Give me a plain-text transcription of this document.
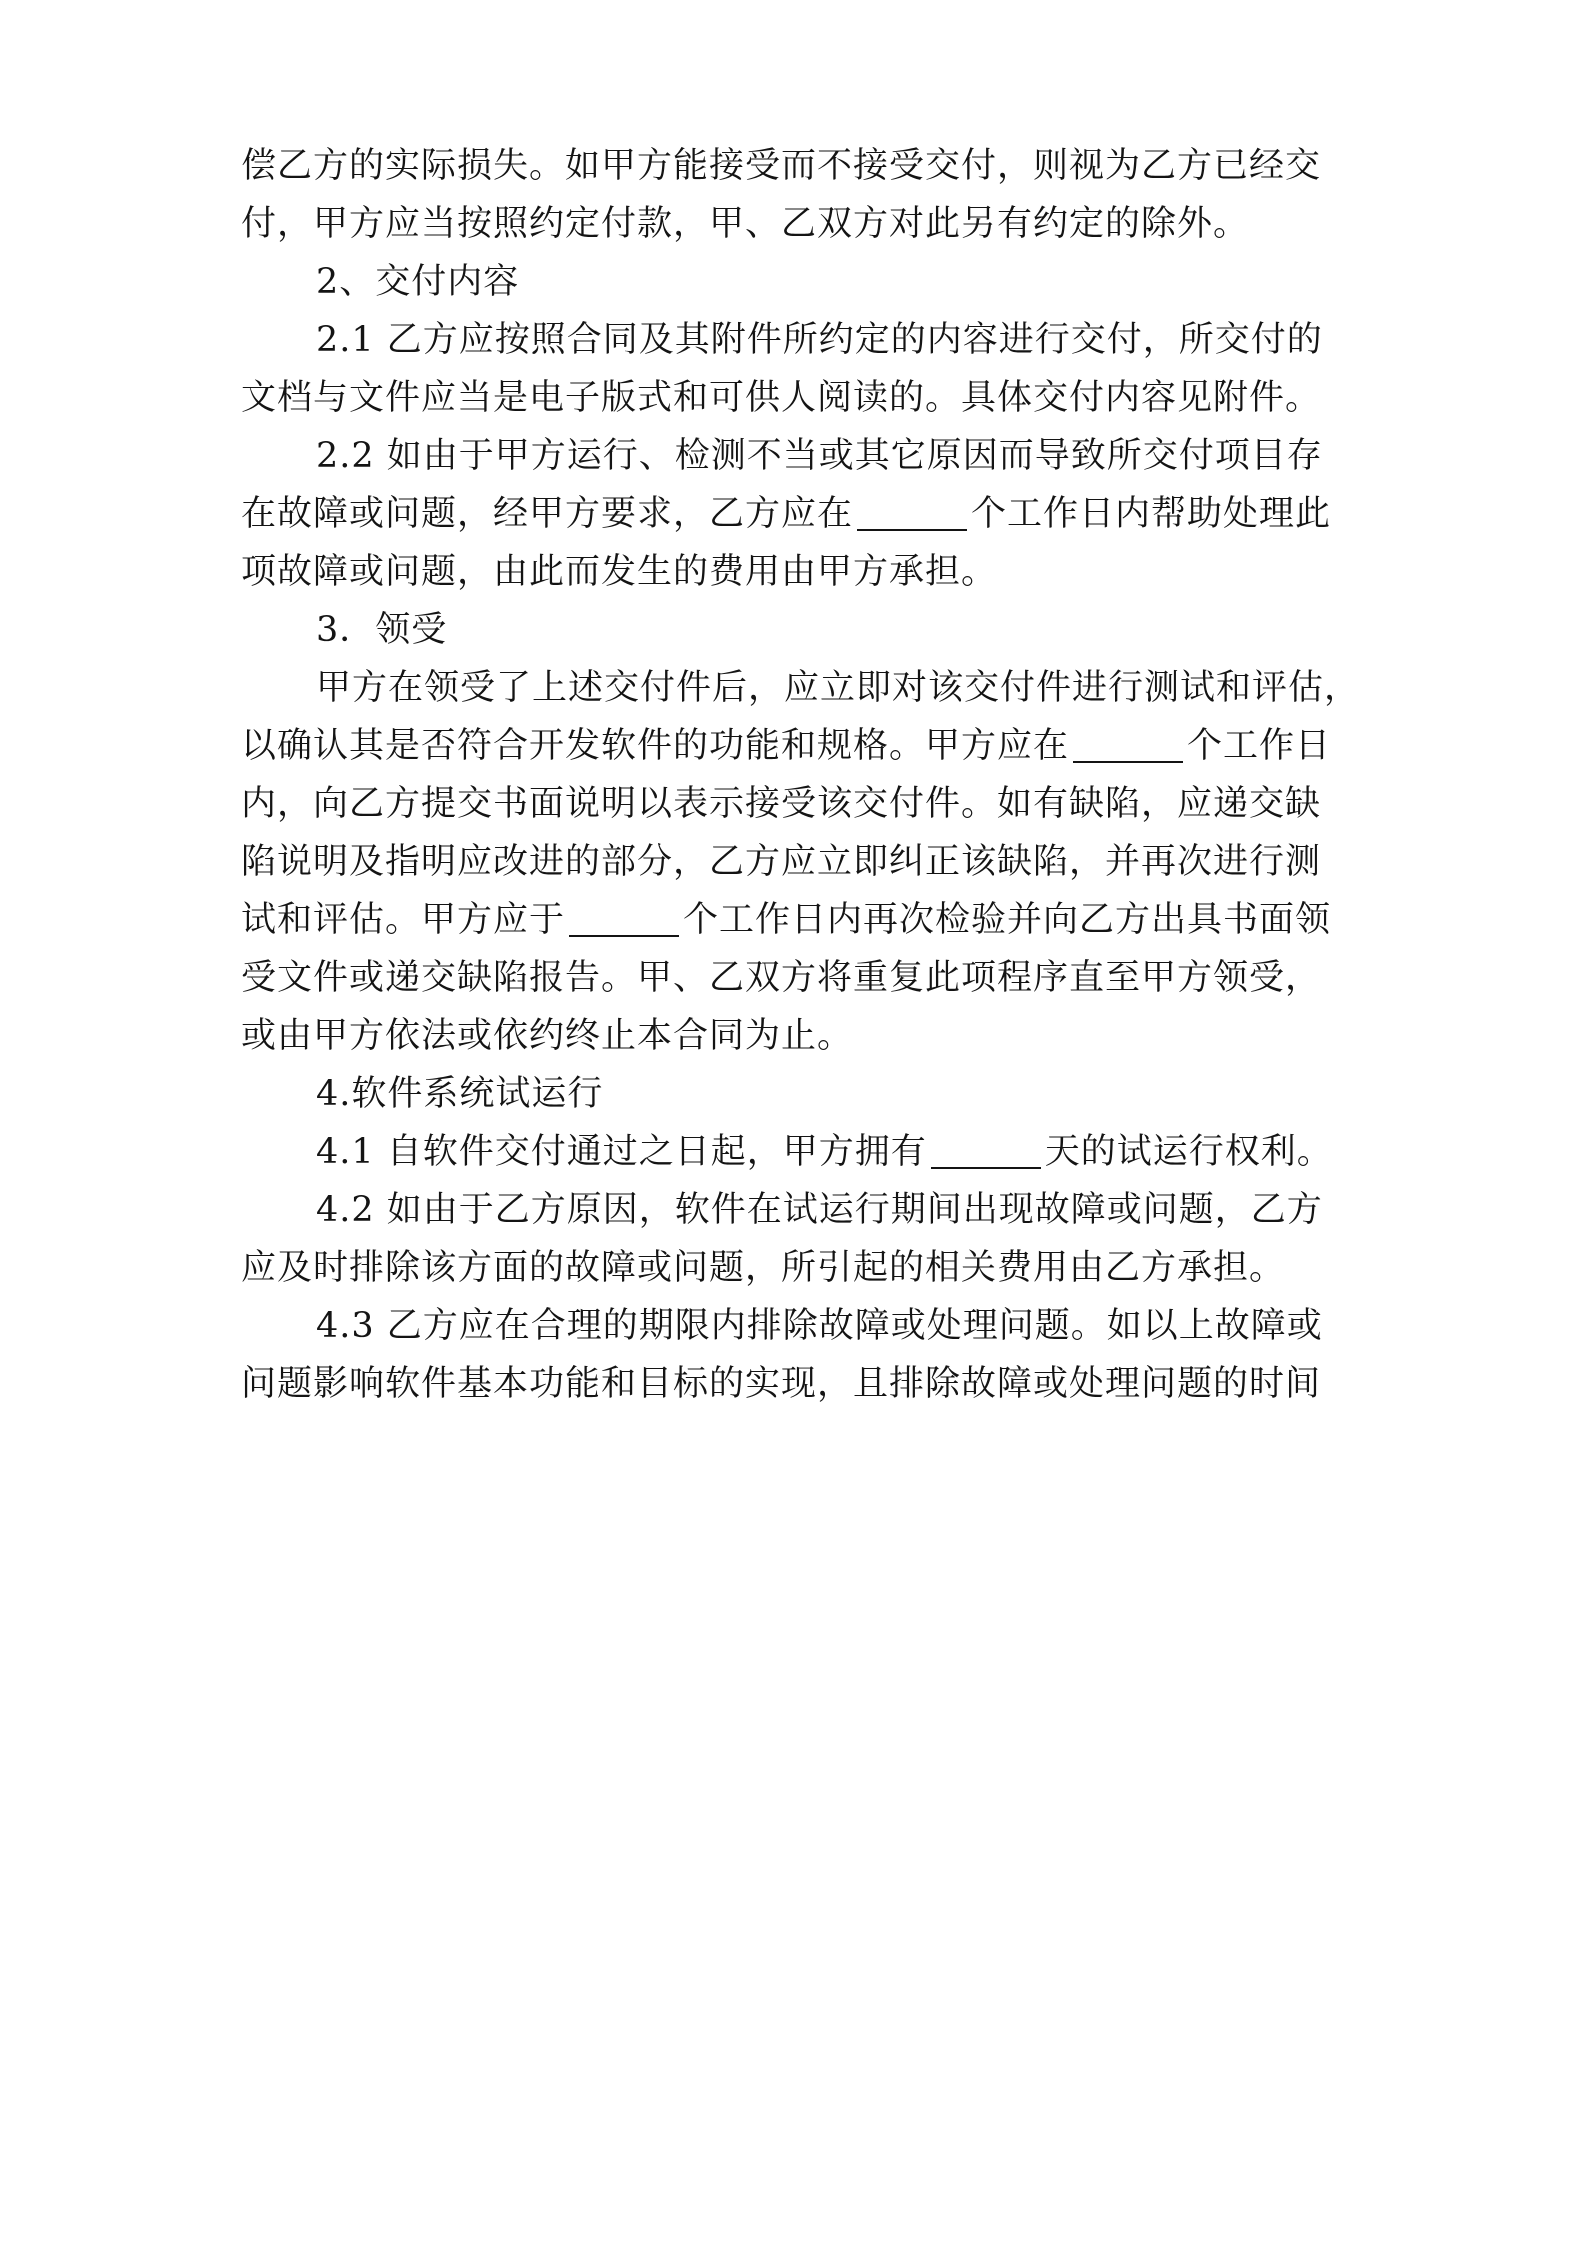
偿乙方的实际损失。如甲方能接受而不接受交付，则视为乙方已经交
付，甲方应当按照约定付款，甲、乙双方对此另有约定的除外。
2、交付内容
2.1 乙方应按照合同及其附件所约定的内容进行交付，所交付的
文档与文件应当是电子版式和可供人阅读的。具体交付内容见附件。
2.2 如由于甲方运行、检测不当或其它原因而导致所交付项目存
在故障或问题，经甲方要求，乙方应在	个工作日内帮助处理此
项故障或问题，由此而发生的费用由甲方承担。
3．领受
甲方在领受了上述交付件后，应立即对该交付件进行测试和评估，
以确认其是否符合开发软件的功能和规格。甲方应在	个工作日
内，向乙方提交书面说明以表示接受该交付件。如有缺陷，应递交缺
陷说明及指明应改进的部分，乙方应立即纠正该缺陷，并再次进行测
试和评估。甲方应于	个工作日内再次检验并向乙方出具书面领
受文件或递交缺陷报告。甲、乙双方将重复此项程序直至甲方领受，
或由甲方依法或依约终止本合同为止。
4.软件系统试运行
4.1 自软件交付通过之日起，甲方拥有	天的试运行权利。
4.2 如由于乙方原因，软件在试运行期间出现故障或问题，乙方
应及时排除该方面的故障或问题，所引起的相关费用由乙方承担。
4.3 乙方应在合理的期限内排除故障或处理问题。如以上故障或
问题影响软件基本功能和目标的实现，且排除故障或处理问题的时间
